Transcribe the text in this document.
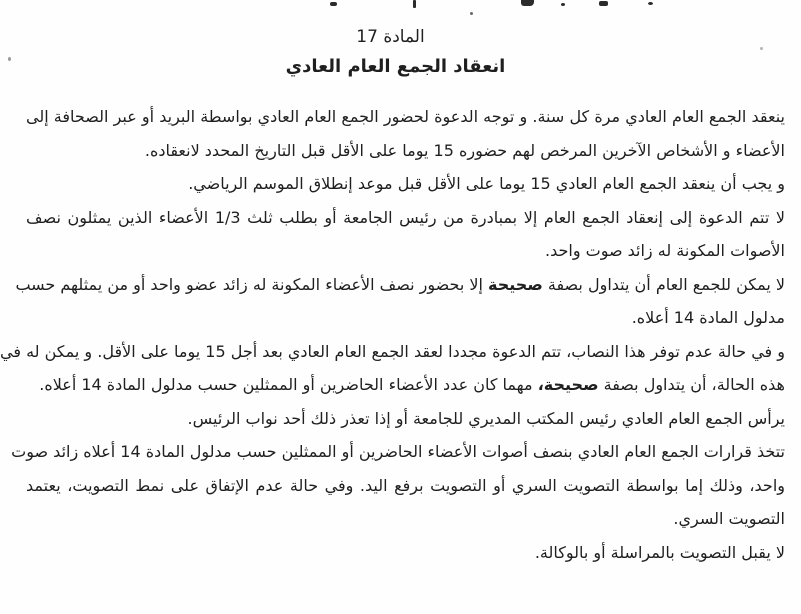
المادة 17
انعقاد الجمع العام العادي

ينعقد الجمع العام العادي مرة كل سنة. و توجه الدعوة لحضور الجمع العام العادي بواسطة البريد أو عبر الصحافة إلى

الأعضاء و الأشخاص الآخرين المرخص لهم حضوره 15 يوما على الأقل قبل التاريخ المحدد لانعقاده.

و يجب أن ينعقد الجمع العام العادي 15 يوما على الأقل قبل موعد إنطلاق الموسم الرياضي.

لا تتم الدعوة إلى إنعقاد الجمع العام إلا بمبادرة من رئيس الجامعة أو بطلب ثلث 1/3 الأعضاء الذين يمثلون نصف

الأصوات المكونة له زائد صوت واحد.

لا يمكن للجمع العام أن يتداول بصفة صحيحة إلا بحضور نصف الأعضاء المكونة له زائد عضو واحد أو من يمثلهم حسب

مدلول المادة 14 أعلاه.

و في حالة عدم توفر هذا النصاب، تتم الدعوة مجددا لعقد الجمع العام العادي بعد أجل 15 يوما على الأقل. و يمكن له في

هذه الحالة، أن يتداول بصفة صحيحة، مهما كان عدد الأعضاء الحاضرين أو الممثلين حسب مدلول المادة 14 أعلاه.

يرأس الجمع العام العادي رئيس المكتب المديري للجامعة أو إذا تعذر ذلك أحد نواب الرئيس.

تتخذ قرارات الجمع العام العادي بنصف أصوات الأعضاء الحاضرين أو الممثلين حسب مدلول المادة 14 أعلاه زائد صوت

واحد، وذلك إما بواسطة التصويت السري أو التصويت برفع اليد. وفي حالة عدم الإتفاق على نمط التصويت، يعتمد

التصويت السري.

لا يقبل التصويت بالمراسلة أو بالوكالة.
